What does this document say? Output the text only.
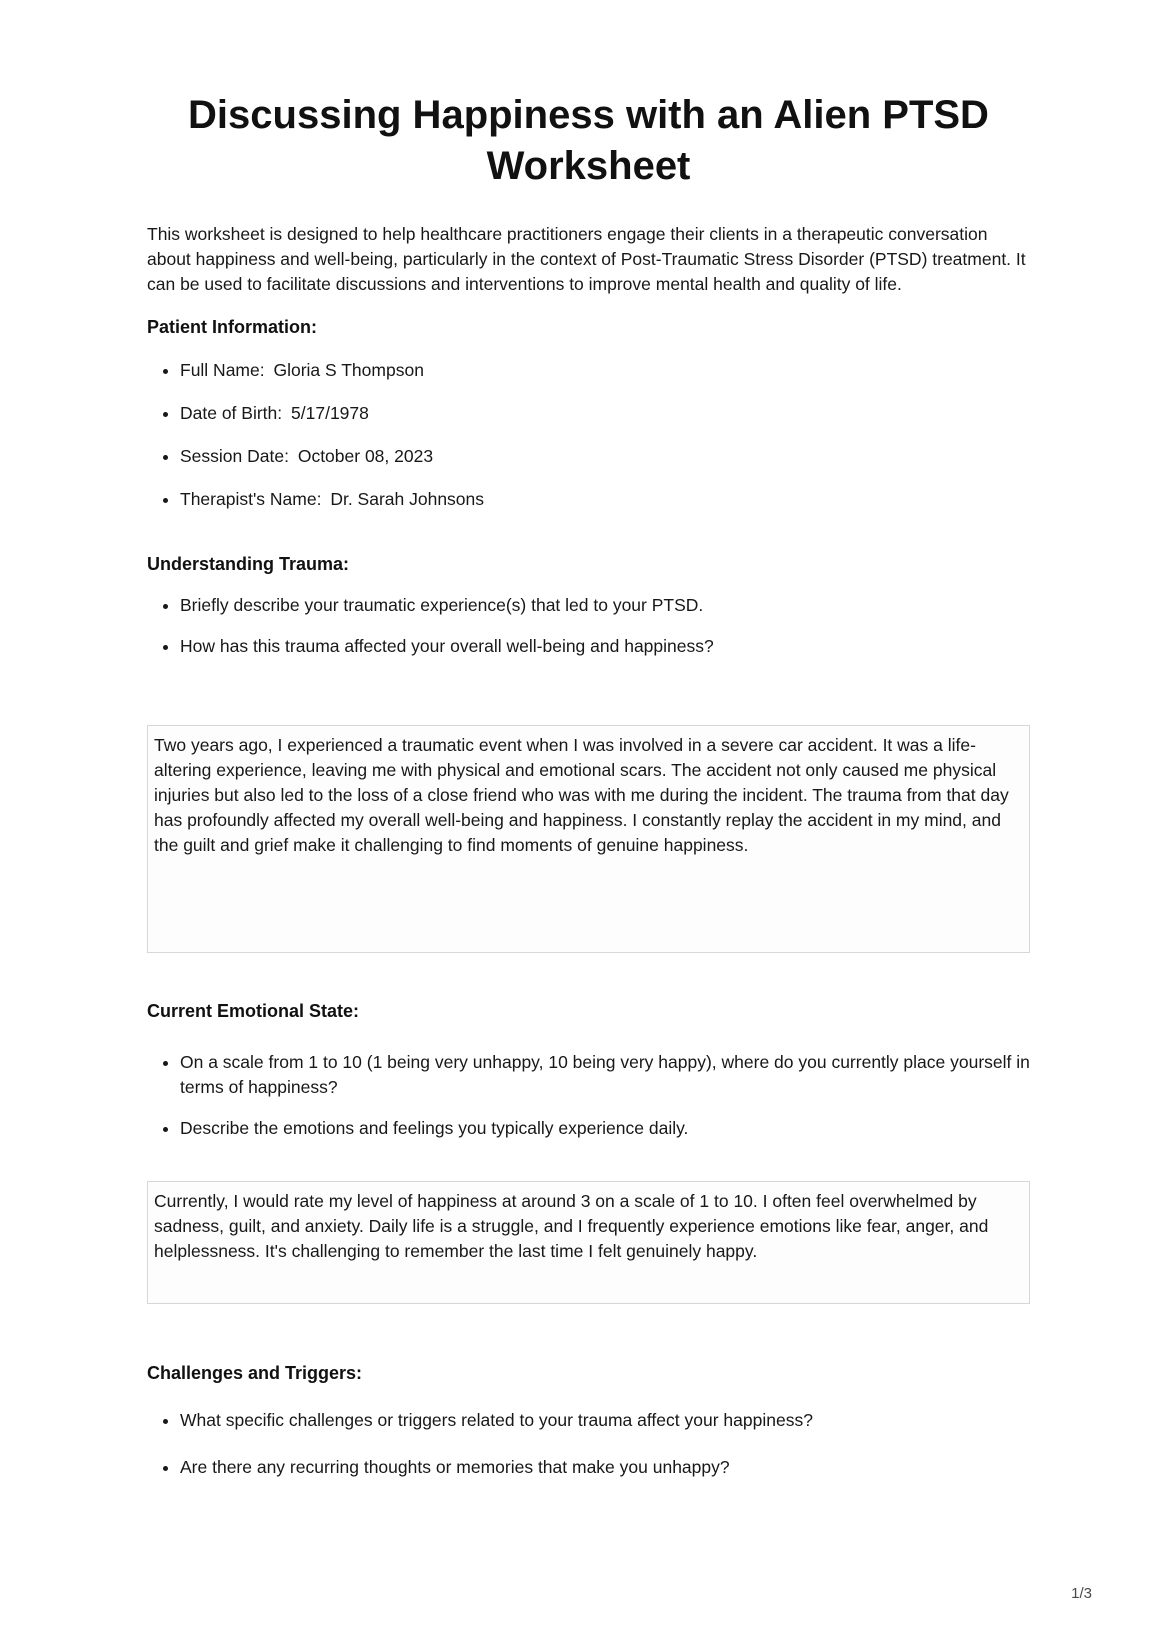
Discussing Happiness with an Alien PTSD Worksheet

This worksheet is designed to help healthcare practitioners engage their clients in a therapeutic conversation about happiness and well-being, particularly in the context of Post-Traumatic Stress Disorder (PTSD) treatment. It can be used to facilitate discussions and interventions to improve mental health and quality of life.

Patient Information:
• Full Name: Gloria S Thompson
• Date of Birth: 5/17/1978
• Session Date: October 08, 2023
• Therapist's Name: Dr. Sarah Johnsons
Understanding Trauma:
• Briefly describe your traumatic experience(s) that led to your PTSD.
• How has this trauma affected your overall well-being and happiness?
Two years ago, I experienced a traumatic event when I was involved in a severe car accident. It was a life-altering experience, leaving me with physical and emotional scars. The accident not only caused me physical injuries but also led to the loss of a close friend who was with me during the incident. The trauma from that day has profoundly affected my overall well-being and happiness. I constantly replay the accident in my mind, and the guilt and grief make it challenging to find moments of genuine happiness.
Current Emotional State:
• On a scale from 1 to 10 (1 being very unhappy, 10 being very happy), where do you currently place yourself in terms of happiness?
• Describe the emotions and feelings you typically experience daily.
Currently, I would rate my level of happiness at around 3 on a scale of 1 to 10. I often feel overwhelmed by sadness, guilt, and anxiety. Daily life is a struggle, and I frequently experience emotions like fear, anger, and helplessness. It's challenging to remember the last time I felt genuinely happy.
Challenges and Triggers:
• What specific challenges or triggers related to your trauma affect your happiness?
• Are there any recurring thoughts or memories that make you unhappy?
1/3
